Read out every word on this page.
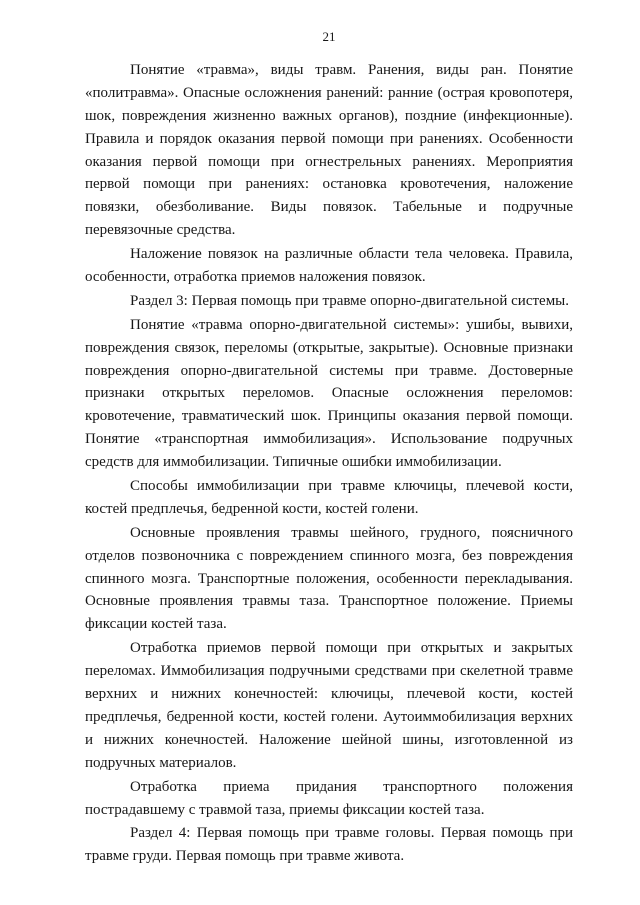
21
Понятие «травма», виды травм. Ранения, виды ран. Понятие
«политравма». Опасные осложнения ранений: ранние (острая кровопотеря,
шок, повреждения жизненно важных органов), поздние (инфекционные).
Правила и порядок оказания первой помощи при ранениях. Особенности
оказания первой помощи при огнестрельных ранениях. Мероприятия
первой помощи при ранениях: остановка кровотечения, наложение
повязки, обезболивание. Виды повязок. Табельные и подручные
перевязочные средства.
Наложение повязок на различные области тела человека. Правила,
особенности, отработка приемов наложения повязок.
Раздел 3: Первая помощь при травме опорно-двигательной системы.
Понятие «травма опорно-двигательной системы»: ушибы, вывихи,
повреждения связок, переломы (открытые, закрытые). Основные признаки
повреждения опорно-двигательной системы при травме. Достоверные
признаки открытых переломов. Опасные осложнения переломов:
кровотечение, травматический шок. Принципы оказания первой помощи.
Понятие «транспортная иммобилизация». Использование подручных
средств для иммобилизации. Типичные ошибки иммобилизации.
Способы иммобилизации при травме ключицы, плечевой кости,
костей предплечья, бедренной кости, костей голени.
Основные проявления травмы шейного, грудного, поясничного
отделов позвоночника с повреждением спинного мозга, без повреждения
спинного мозга. Транспортные положения, особенности перекладывания.
Основные проявления травмы таза. Транспортное положение. Приемы
фиксации костей таза.
Отработка приемов первой помощи при открытых и закрытых
переломах. Иммобилизация подручными средствами при скелетной травме
верхних и нижних конечностей: ключицы, плечевой кости, костей
предплечья, бедренной кости, костей голени. Аутоиммобилизация верхних
и нижних конечностей. Наложение шейной шины, изготовленной из
подручных материалов.
Отработка приема придания транспортного положения
пострадавшему с травмой таза, приемы фиксации костей таза.
Раздел 4: Первая помощь при травме головы. Первая помощь при
травме груди. Первая помощь при травме живота.
